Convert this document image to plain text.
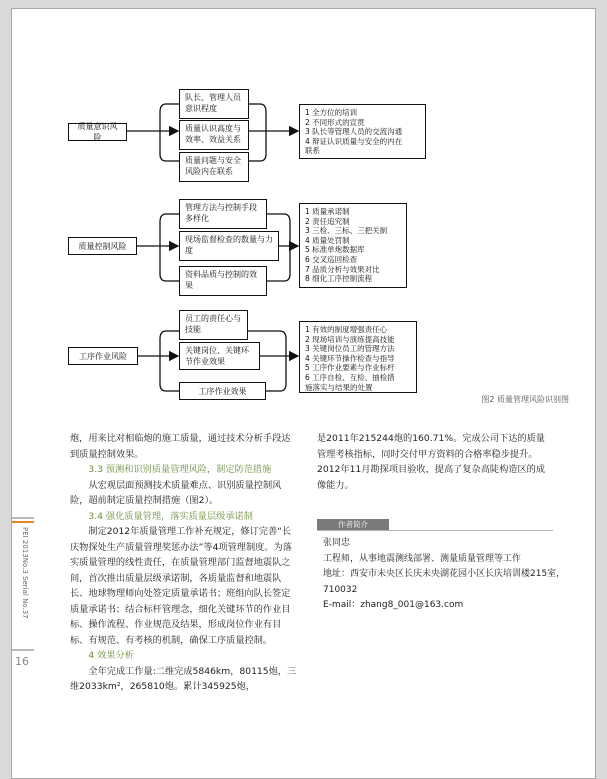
质量意识风险
队长、管理人员意识程度
质量认识高度与效率、效益关系
质量问题与安全风险内在联系
1 全方位的培训
2 不同形式的宣贯
3 队长等管理人员的交流沟通
4 辩证认识质量与安全的内在
联系
质量控制风险
管理方法与控制手段多样化
现场监督检查的数量与力度
资料品质与控制的效果
1 质量承诺制
2 责任追究制
3 三检、三标、三把关制
4 质量处罚制
5 标准单炮数据库
6 交叉巡回检查
7 品质分析与效果对比
8 细化工序控制流程
工序作业风险
员工的责任心与技能
关键岗位、关键环节作业效果
工序作业效果
1 有效的制度增强责任心
2 现场培训与演练提高技能
3 关键岗位员工的管理方法
4 关键环节操作检查与指导
5 工序作业要素与作业标杆
6 工序自检、互检、抽检措
施落实与结果的处置
图2 质量管理风险识别图

炮，用来比对相临炮的施工质量，通过技术分析手段达到质量控制效果。

3.3 预测和识别质量管理风险，制定防范措施

从宏观层面预测技术质量难点、识别质量控制风险，超前制定质量控制措施（图2）。

3.4 强化质量管理，落实质量层级承诺制

制定2012年质量管理工作补充规定，修订完善“长庆物探处生产质量管理奖惩办法”等4项管理制度。为落实质量管理的线性责任，在质量管理部门监督地震队之间，首次推出质量层级承诺制，各质量监督和地震队长、地球物理师向处签定质量承诺书；班组向队长签定质量承诺书；结合标杆管理念，细化关键环节的作业目标、操作流程、作业规范及结果，形成岗位作业有目标、有规范、有考核的机制，确保工序质量控制。

4 效果分析

全年完成工作量:二维完成5846km，80115炮，三维2033km²，265810炮。累计345925炮，

是2011年215244炮的160.71%。完成公司下达的质量管理考核指标，同时交付甲方资料的合格率稳步提升。2012年11月勘探项目验收，提高了复杂高陡构造区的成像能力。

作者简介
张同忠
工程师，从事地震测线部署、测量质量管理等工作
地址：西安市未央区长庆未央湖花园小区长庆培训楼215室，710032
E-mail：zhang8_001@163.com
PEI 2013No.3 Serial No.37
16
